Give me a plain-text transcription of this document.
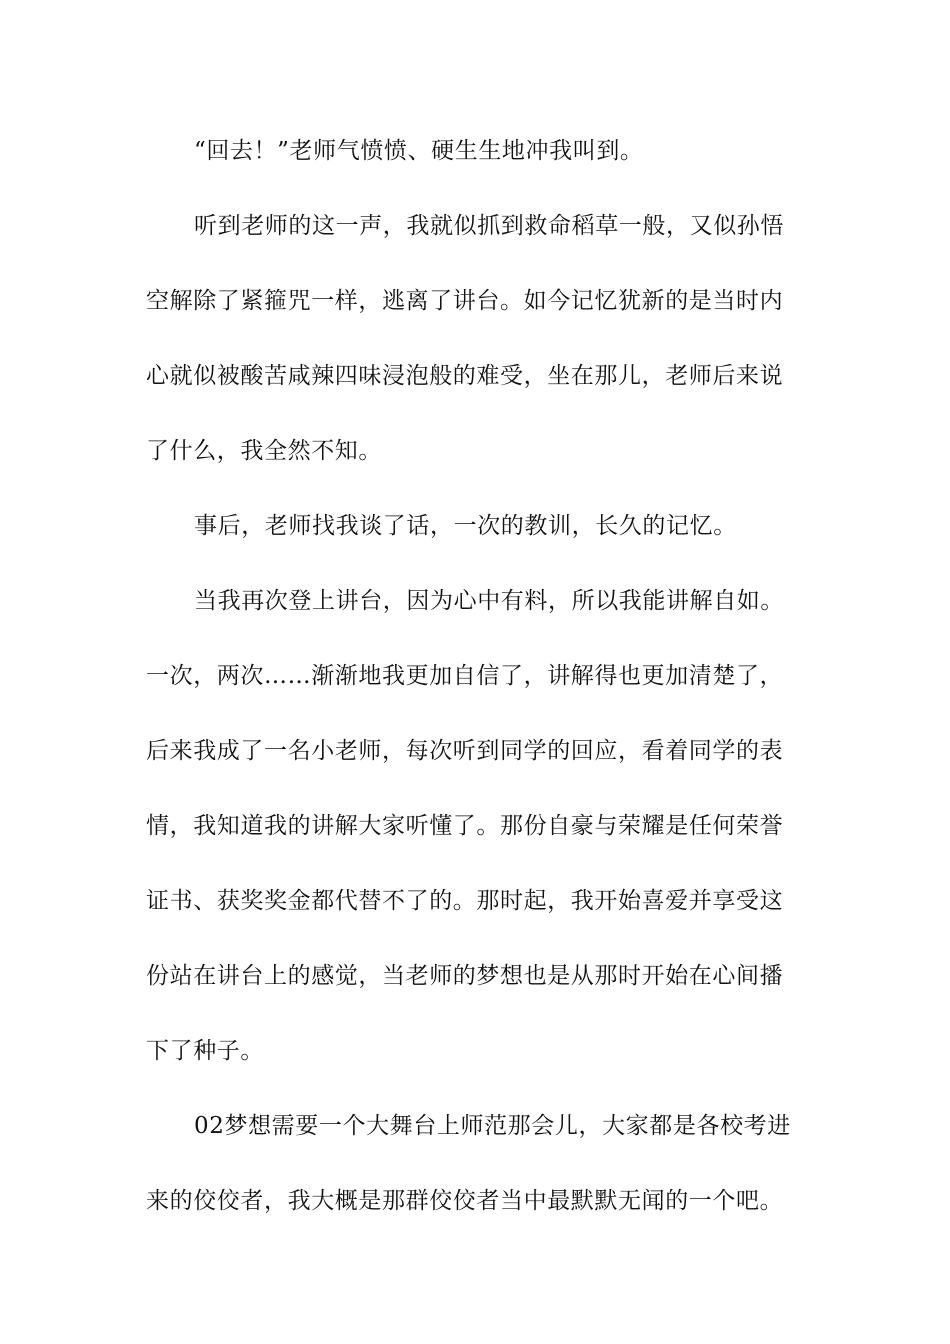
“回去！”老师气愤愤、硬生生地冲我叫到。
听到老师的这一声，我就似抓到救命稻草一般，又似孙悟
空解除了紧箍咒一样，逃离了讲台。如今记忆犹新的是当时内
心就似被酸苦咸辣四味浸泡般的难受，坐在那儿，老师后来说
了什么，我全然不知。
事后，老师找我谈了话，一次的教训，长久的记忆。
当我再次登上讲台，因为心中有料，所以我能讲解自如。
一次，两次……渐渐地我更加自信了，讲解得也更加清楚了，
后来我成了一名小老师，每次听到同学的回应，看着同学的表
情，我知道我的讲解大家听懂了。那份自豪与荣耀是任何荣誉
证书、获奖奖金都代替不了的。那时起，我开始喜爱并享受这
份站在讲台上的感觉，当老师的梦想也是从那时开始在心间播
下了种子。
02梦想需要一个大舞台上师范那会儿，大家都是各校考进
来的佼佼者，我大概是那群佼佼者当中最默默无闻的一个吧。
